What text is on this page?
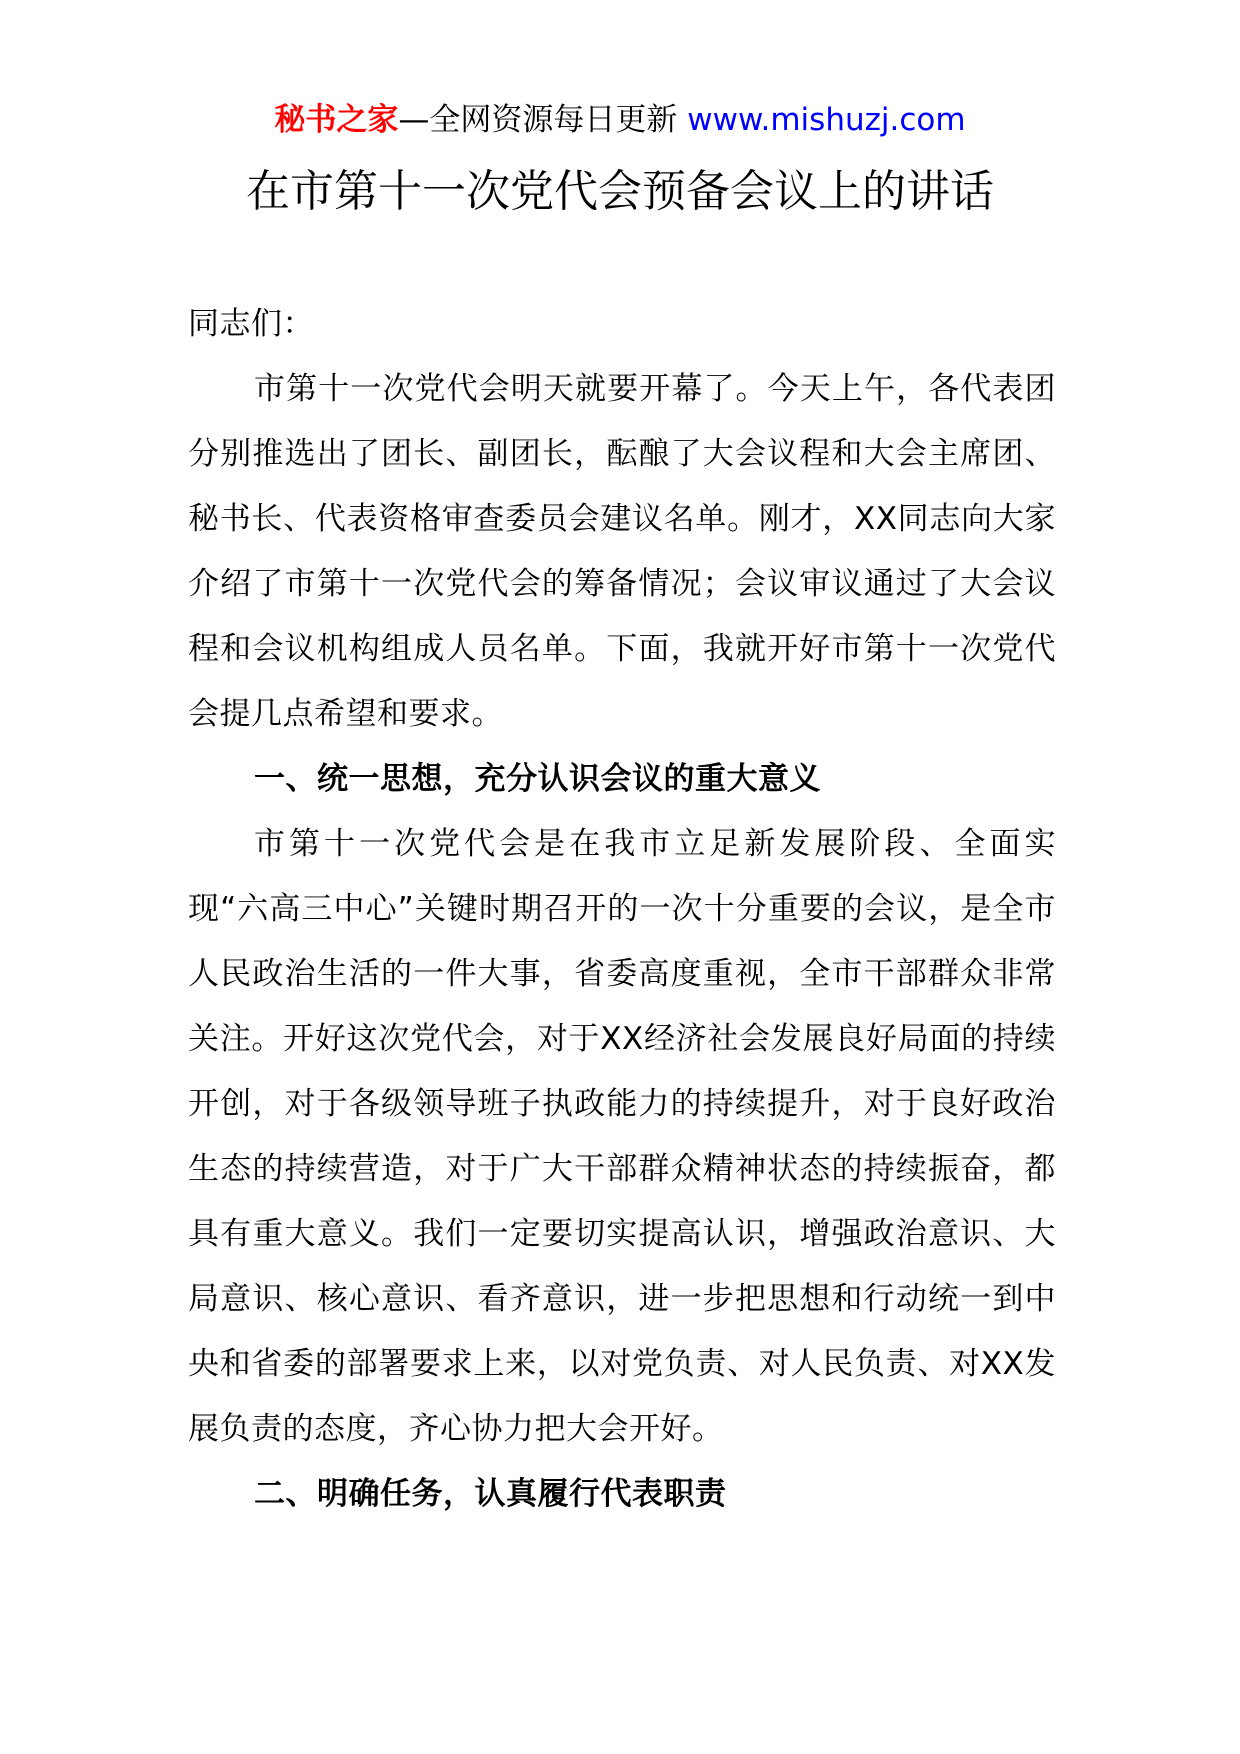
秘书之家—全网资源每日更新 www.mishuzj.com
在市第十一次党代会预备会议上的讲话

同志们：

市第十一次党代会明天就要开幕了。今天上午，各代表团分别推选出了团长、副团长，酝酿了大会议程和大会主席团、秘书长、代表资格审查委员会建议名单。刚才，XX同志向大家介绍了市第十一次党代会的筹备情况；会议审议通过了大会议程和会议机构组成人员名单。下面，我就开好市第十一次党代会提几点希望和要求。

一、统一思想，充分认识会议的重大意义

市第十一次党代会是在我市立足新发展阶段、全面实现“六高三中心”关键时期召开的一次十分重要的会议，是全市人民政治生活的一件大事，省委高度重视，全市干部群众非常关注。开好这次党代会，对于XX经济社会发展良好局面的持续开创，对于各级领导班子执政能力的持续提升，对于良好政治生态的持续营造，对于广大干部群众精神状态的持续振奋，都具有重大意义。我们一定要切实提高认识，增强政治意识、大局意识、核心意识、看齐意识，进一步把思想和行动统一到中央和省委的部署要求上来，以对党负责、对人民负责、对XX发展负责的态度，齐心协力把大会开好。

二、明确任务，认真履行代表职责
